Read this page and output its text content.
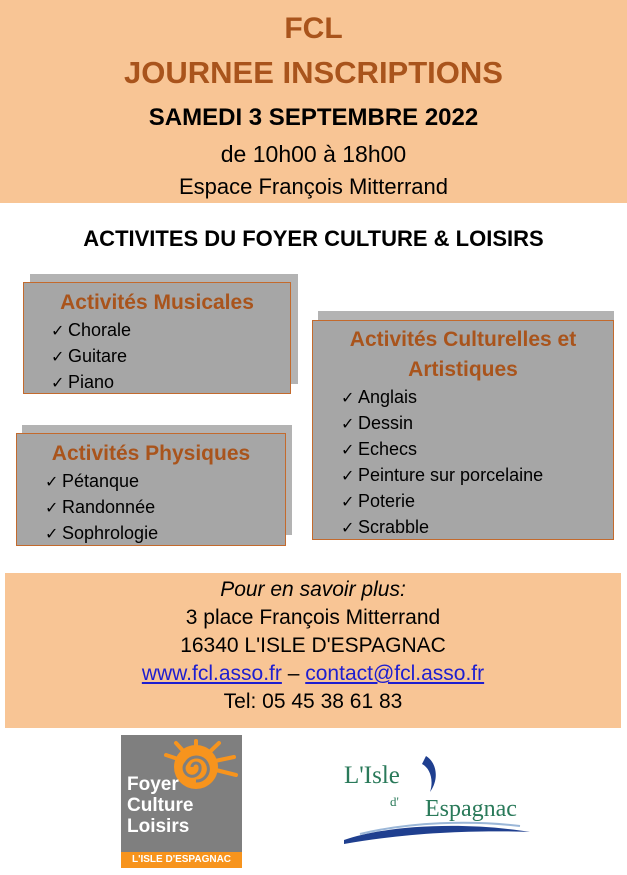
FCL
JOURNEE INSCRIPTIONS
SAMEDI 3 SEPTEMBRE 2022
de 10h00 à 18h00
Espace François Mitterrand
ACTIVITES DU FOYER CULTURE & LOISIRS
Activités Musicales
✓ Chorale
✓ Guitare
✓ Piano
Activités Physiques
✓ Pétanque
✓ Randonnée
✓ Sophrologie
Activités Culturelles et
Artistiques
✓ Anglais
✓ Dessin
✓ Echecs
✓ Peinture sur porcelaine
✓ Poterie
✓ Scrabble
Pour en savoir plus:
3 place François Mitterrand
16340 L'ISLE D'ESPAGNAC
www.fcl.asso.fr – contact@fcl.asso.fr
Tel: 05 45 38 61 83
Foyer
Culture
Loisirs
L'ISLE D'ESPAGNAC
L'Isle
d' Espagnac
